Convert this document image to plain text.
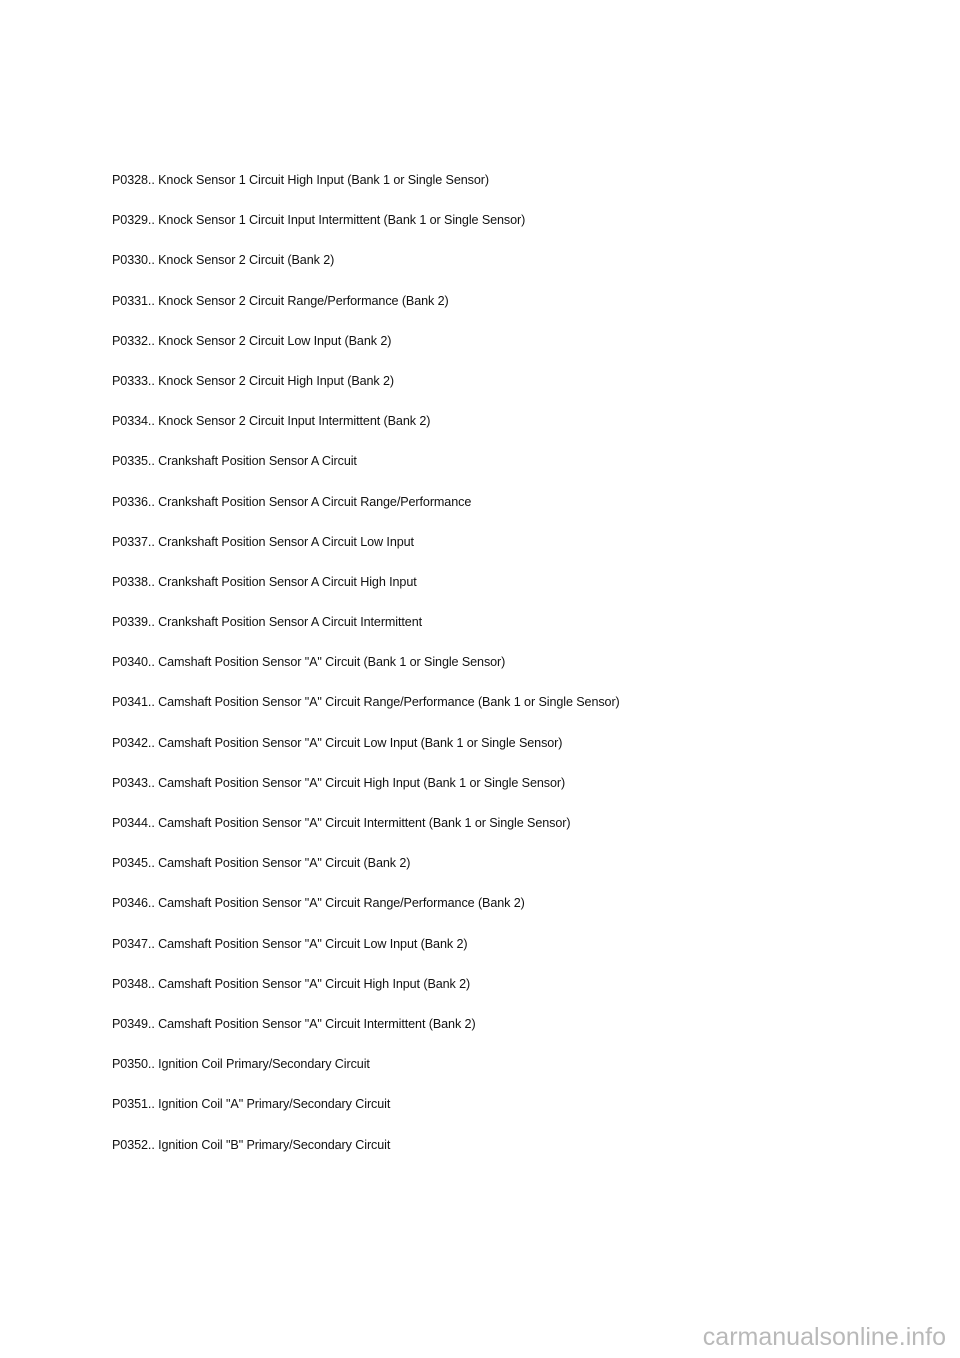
P0328.. Knock Sensor 1 Circuit High Input (Bank 1 or Single Sensor)
P0329.. Knock Sensor 1 Circuit Input Intermittent (Bank 1 or Single Sensor)
P0330.. Knock Sensor 2 Circuit (Bank 2)
P0331.. Knock Sensor 2 Circuit Range/Performance (Bank 2)
P0332.. Knock Sensor 2 Circuit Low Input (Bank 2)
P0333.. Knock Sensor 2 Circuit High Input (Bank 2)
P0334.. Knock Sensor 2 Circuit Input Intermittent (Bank 2)
P0335.. Crankshaft Position Sensor A Circuit
P0336.. Crankshaft Position Sensor A Circuit Range/Performance
P0337.. Crankshaft Position Sensor A Circuit Low Input
P0338.. Crankshaft Position Sensor A Circuit High Input
P0339.. Crankshaft Position Sensor A Circuit Intermittent
P0340.. Camshaft Position Sensor "A" Circuit (Bank 1 or Single Sensor)
P0341.. Camshaft Position Sensor "A" Circuit Range/Performance (Bank 1 or Single Sensor)
P0342.. Camshaft Position Sensor "A" Circuit Low Input (Bank 1 or Single Sensor)
P0343.. Camshaft Position Sensor "A" Circuit High Input (Bank 1 or Single Sensor)
P0344.. Camshaft Position Sensor "A" Circuit Intermittent (Bank 1 or Single Sensor)
P0345.. Camshaft Position Sensor "A" Circuit (Bank 2)
P0346.. Camshaft Position Sensor "A" Circuit Range/Performance (Bank 2)
P0347.. Camshaft Position Sensor "A" Circuit Low Input (Bank 2)
P0348.. Camshaft Position Sensor "A" Circuit High Input (Bank 2)
P0349.. Camshaft Position Sensor "A" Circuit Intermittent (Bank 2)
P0350.. Ignition Coil Primary/Secondary Circuit
P0351.. Ignition Coil "A" Primary/Secondary Circuit
P0352.. Ignition Coil "B" Primary/Secondary Circuit
carmanualsonline.info
